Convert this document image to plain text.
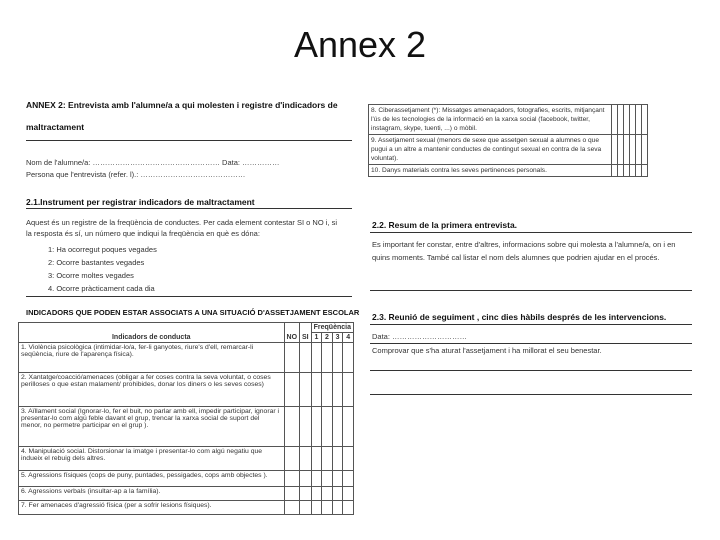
Annex 2
ANNEX 2: Entrevista amb l'alumne/a a qui molesten i registre d'indicadors de
maltractament
Nom de l'alumne/a: …………………………………………… Data: ……………
Persona que l'entrevista (refer. l).: ……………………………………
2.1.Instrument per registrar indicadors de maltractament
Aquest és un registre de la freqüència de conductes. Per cada element contestar SI o NO i, si
la resposta és sí, un número que indiqui la freqüència en què es dóna:
1: Ha ocorregut poques vegades
2: Ocorre bastantes vegades
3: Ocorre moltes vegades
4. Ocorre pràcticament cada dia
INDICADORS QUE PODEN ESTAR ASSOCIATS A UNA SITUACIÓ D'ASSETJAMENT ESCOLAR
Indicadors de conducta	NO	SI	Freqüència			
			1	2	3	4
1. Violència psicològica (intimidar-lo/a, fer-li ganyotes, riure's d'ell, remarcar-li seqüència, riure de l'aparença física).						
2. Xantatge/coacció/amenaces (obligar a fer coses contra la seva voluntat, o coses perilloses o que estan malament/ prohibides, donar los diners o les seves coses)						
3. Aïllament social (Ignorar-lo, fer el buit, no parlar amb ell, impedir participar, ignorar i presentar-lo com algú feble davant el grup, trencar la xarxa social de suport del menor, no permetre participar en el grup ).						
4. Manipulació social. Distorsionar la imatge i presentar-lo com algú negatiu que indueix el rebuig dels altres.						
5. Agressions físiques (cops de puny, puntades, pessigades, cops amb objectes ).						
6. Agressions verbals (insultar-ap a la família).						
7. Fer amenaces d'agressió física (per a sofrir lesions físiques).						
8. Ciberassetjament (*): Missatges amenaçadors, fotografies, escrits, mitjançant l'ús de les tecnologies de la informació en la xarxa social (facebook, twitter, instagram, skype, tuenti, ...) o mòbil.						
9. Assetjament sexual (menors de sexe que assetgen sexual a alumnes o que pugui a un altre a mantenir conductes de contingut sexual en contra de la seva voluntat).						
10. Danys materials contra les seves pertinences personals.						
2.2. Resum de la primera entrevista.
Es important fer constar, entre d'altres, informacions sobre qui molesta a l'alumne/a, on i en
quins moments. També cal listar el nom dels alumnes que podrien ajudar en el procés.
2.3. Reunió de seguiment , cinc dies hàbils després de les intervencions.
Data: …………………………
Comprovar que s'ha aturat l'assetjament i ha millorat el seu benestar.
